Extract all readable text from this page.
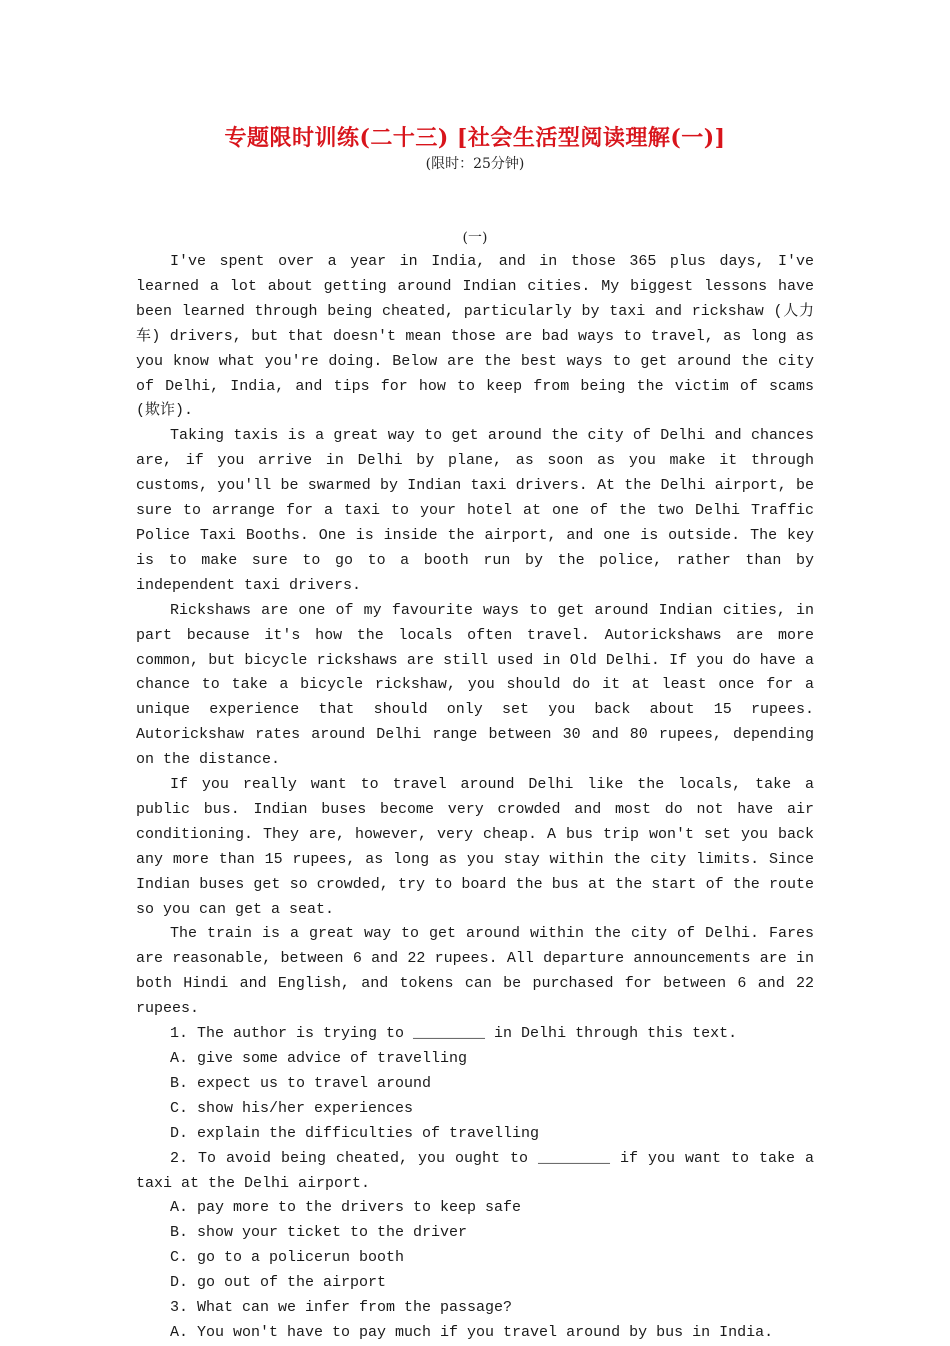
专题限时训练(二十三) [社会生活型阅读理解(一)]
(限时：25分钟)
(一)

I've spent over a year in India, and in those 365 plus days, I've learned a lot about getting around Indian cities. My biggest lessons have been learned through being cheated, particularly by taxi and rickshaw (人力车) drivers, but that doesn't mean those are bad ways to travel, as long as you know what you're doing. Below are the best ways to get around the city of Delhi, India, and tips for how to keep from being the victim of scams (欺诈).

Taking taxis is a great way to get around the city of Delhi and chances are, if you arrive in Delhi by plane, as soon as you make it through customs, you'll be swarmed by Indian taxi drivers. At the Delhi airport, be sure to arrange for a taxi to your hotel at one of the two Delhi Traffic Police Taxi Booths. One is inside the airport, and one is outside. The key is to make sure to go to a booth run by the police, rather than by independent taxi drivers.

Rickshaws are one of my favourite ways to get around Indian cities, in part because it's how the locals often travel. Autorickshaws are more common, but bicycle rickshaws are still used in Old Delhi. If you do have a chance to take a bicycle rickshaw, you should do it at least once for a unique experience that should only set you back about 15 rupees. Autorickshaw rates around Delhi range between 30 and 80 rupees, depending on the distance.

If you really want to travel around Delhi like the locals, take a public bus. Indian buses become very crowded and most do not have air conditioning. They are, however, very cheap. A bus trip won't set you back any more than 15 rupees, as long as you stay within the city limits. Since Indian buses get so crowded, try to board the bus at the start of the route so you can get a seat.

The train is a great way to get around within the city of Delhi. Fares are reasonable, between 6 and 22 rupees. All departure announcements are in both Hindi and English, and tokens can be purchased for between 6 and 22 rupees.

1. The author is trying to ________ in Delhi through this text.

A. give some advice of travelling

B. expect us to travel around

C. show his/her experiences

D. explain the difficulties of travelling

2. To avoid being cheated, you ought to ________ if you want to take a taxi at the Delhi airport.

A. pay more to the drivers to keep safe

B. show your ticket to the driver

C. go to a policerun booth

D. go out of the airport

3. What can we infer from the passage?

A. You won't have to pay much if you travel around by bus in India.
